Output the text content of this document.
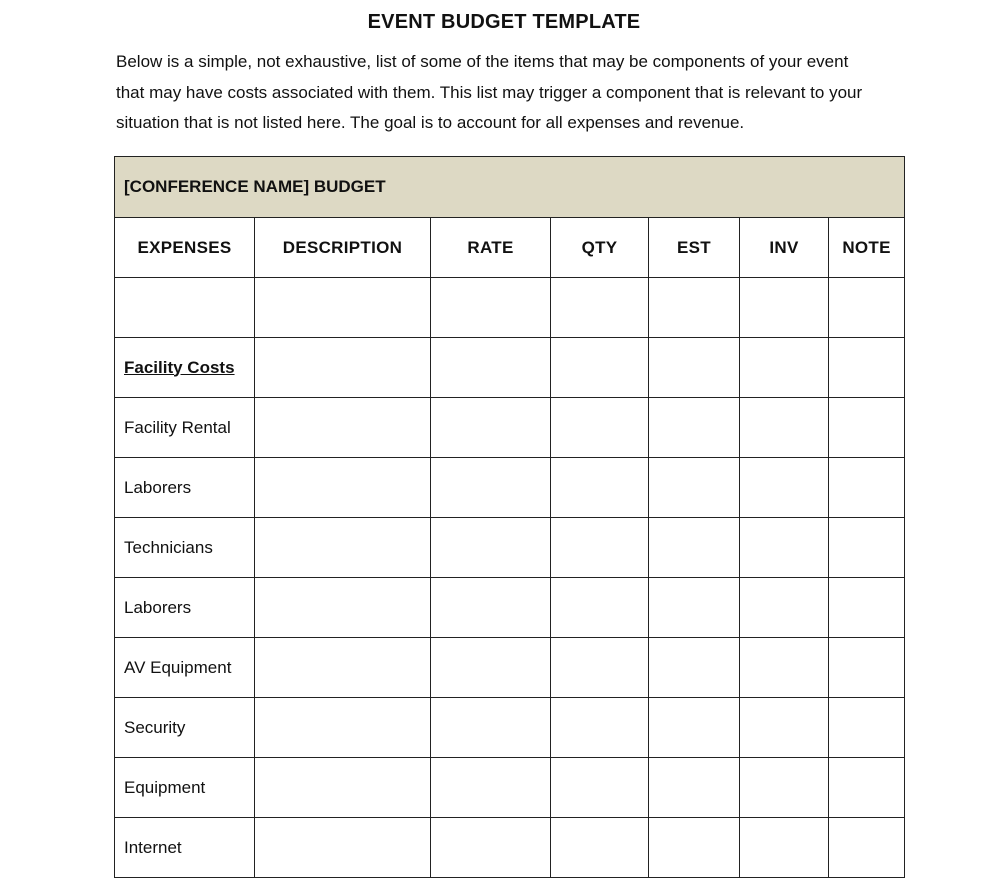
EVENT BUDGET TEMPLATE

Below is a simple, not exhaustive, list of some of the items that may be components of your event

that may have costs associated with them. This list may trigger a component that is relevant to your

situation that is not listed here. The goal is to account for all expenses and revenue.

[CONFERENCE NAME] BUDGET						
EXPENSES	DESCRIPTION	RATE	QTY	EST	INV	NOTE

Facility Costs						
Facility Rental						
Laborers						
Technicians						
Laborers						
AV Equipment						
Security						
Equipment						
Internet						
